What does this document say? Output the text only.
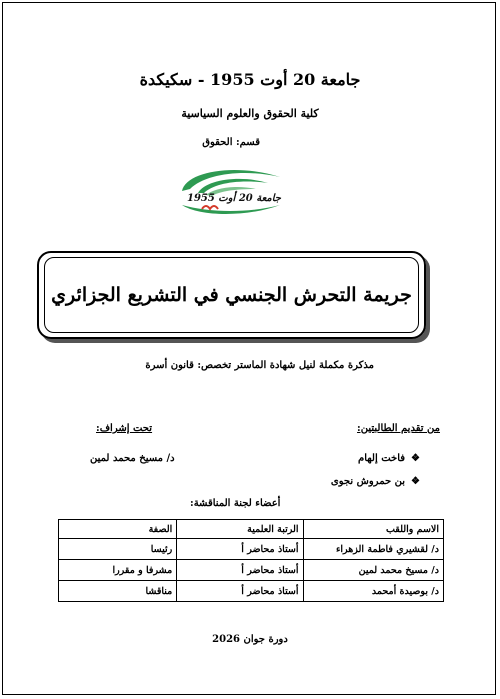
جامعة 20 أوت 1955 - سكيكدة
كلية الحقوق والعلوم السياسية
قسم: الحقوق
جامعة 20 أوت 1955
جريمة التحرش الجنسي في التشريع الجزائري
مذكرة مكملة لنيل شهادة الماستر تخصص: قانون أسرة
من تقديم الطالبتين:
تحت إشراف:
❖فاخت إلهام
❖بن حمروش نجوى
د/ مسيخ محمد لمين
أعضاء لجنة المناقشة:
الاسم واللقب	الرتبة العلمية	الصفة
د/ لقشيري فاطمة الزهراء	أستاذ محاضر أ	رئيسا
د/ مسيخ محمد لمين	أستاذ محاضر أ	مشرفا و مقررا
د/ بوصيدة أمحمد	أستاذ محاضر أ	مناقشا
دورة جوان 2026
